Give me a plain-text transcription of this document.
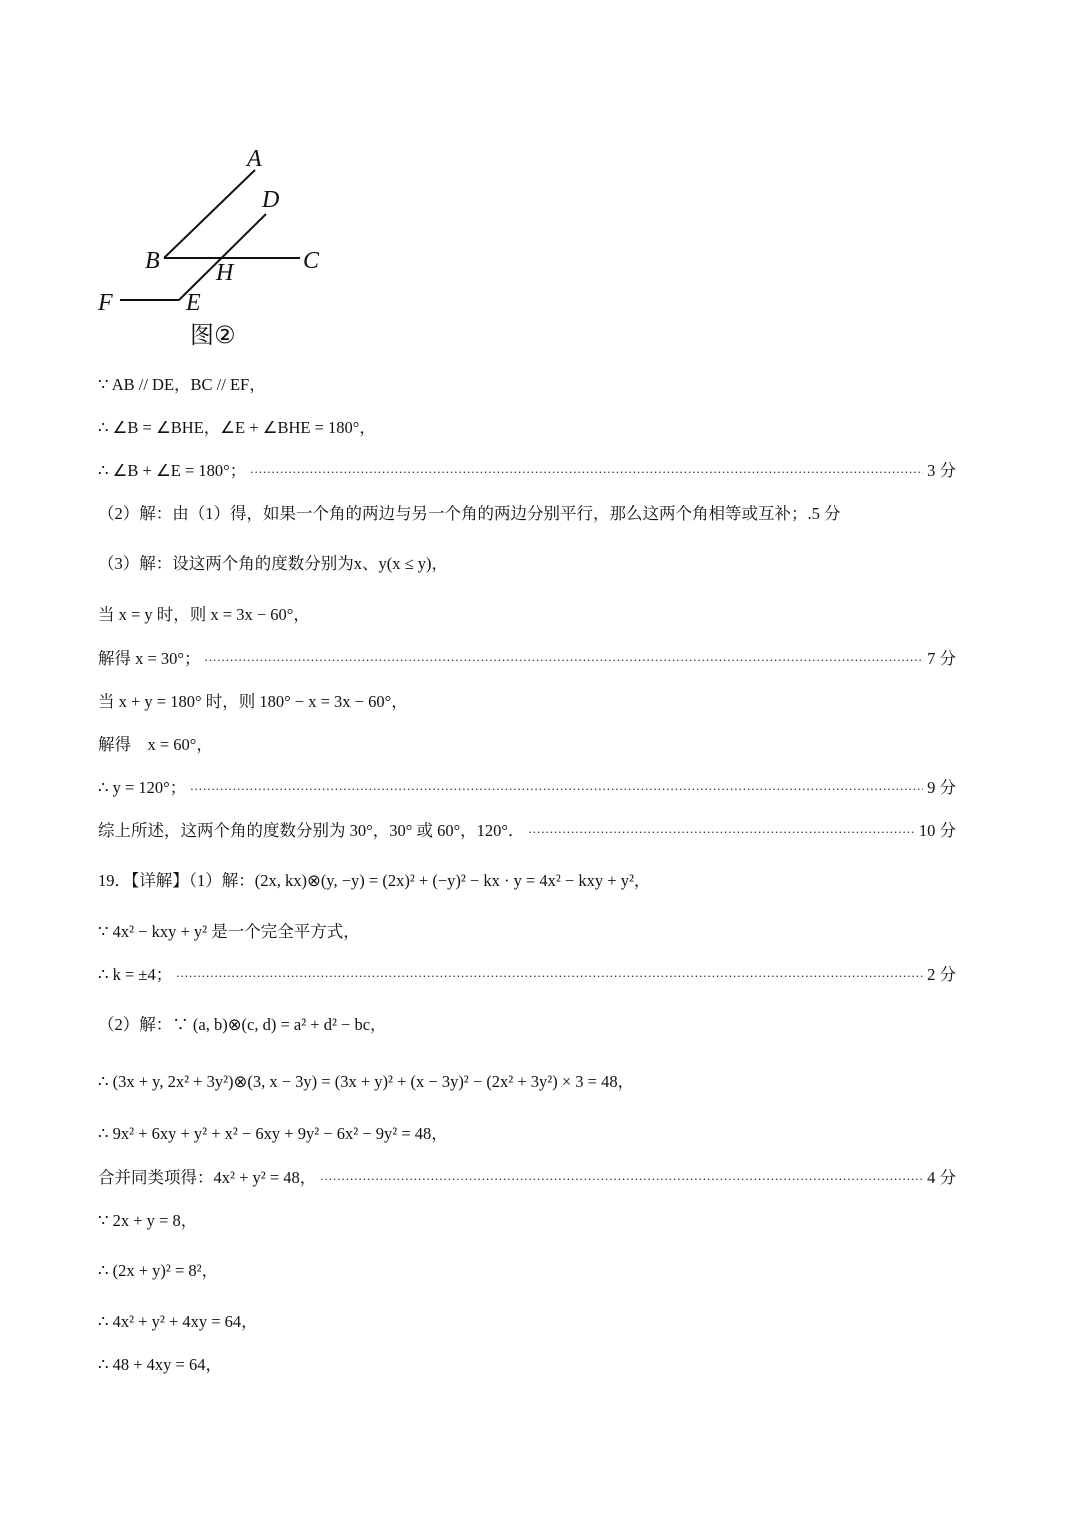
A
D
B H	C
F	E
图②
∵ AB // DE，BC // EF，
∴ ∠B = ∠BHE，∠E + ∠BHE = 180°，
∴ ∠B + ∠E = 180°； .....	3 分
（2）解：由（1）得，如果一个角的两边与另一个角的两边分别平行，那么这两个角相等或互补；.5 分
（3）解：设这两个角的度数分别为x、y(x ≤ y)，
当 x = y 时，则 x = 3x − 60°，
解得 x = 30°； .....	7 分
当 x + y = 180° 时，则 180° − x = 3x − 60°，
解得　x = 60°，
∴ y = 120°； .....	9 分
综上所述，这两个角的度数分别为 30°，30° 或 60°，120°． .....	10 分
19．【详解】（1）解：(2x, kx)⊗(y, −y) = (2x)² + (−y)² − kx · y = 4x² − kxy + y²，
∵ 4x² − kxy + y² 是一个完全平方式，
∴ k = ±4； .....	2 分
（2）解：∵ (a, b)⊗(c, d) = a² + d² − bc，
∴ (3x + y, 2x² + 3y²)⊗(3, x − 3y) = (3x + y)² + (x − 3y)² − (2x² + 3y²) × 3 = 48，
∴ 9x² + 6xy + y² + x² − 6xy + 9y² − 6x² − 9y² = 48，
合并同类项得：4x² + y² = 48， .....	4 分
∵ 2x + y = 8，
∴ (2x + y)² = 8²，
∴ 4x² + y² + 4xy = 64，
∴ 48 + 4xy = 64，
